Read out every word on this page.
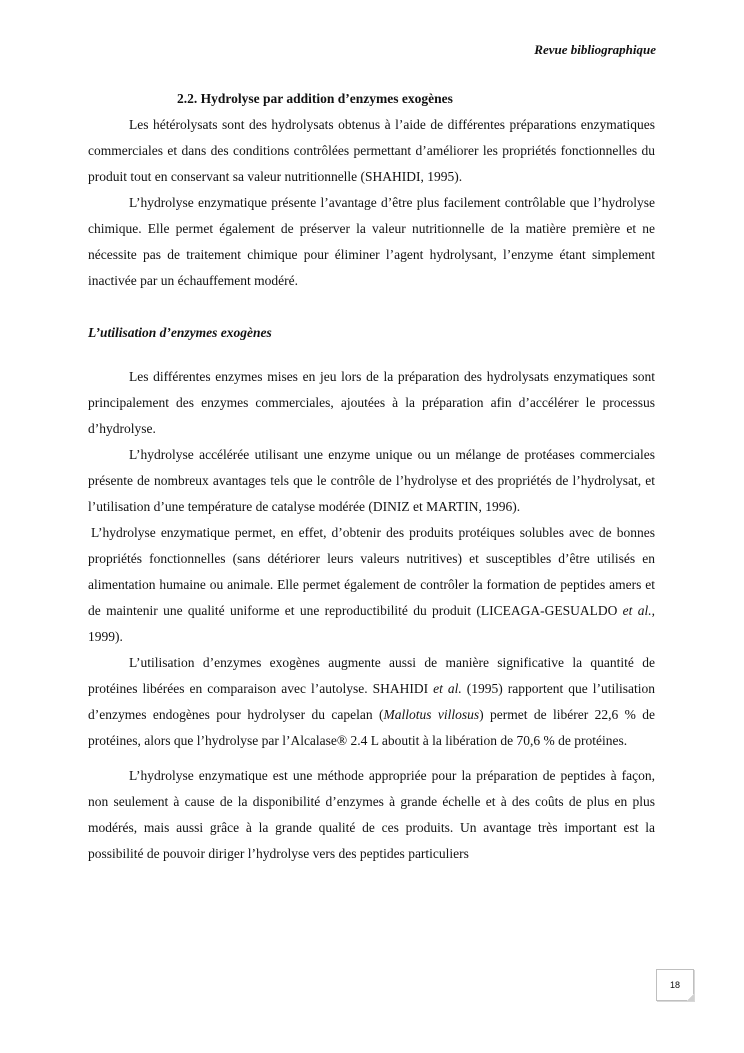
Revue bibliographique
2.2. Hydrolyse par addition d’enzymes exogènes

Les hétérolysats sont des hydrolysats obtenus à l’aide de différentes préparations enzymatiques commerciales et dans des conditions contrôlées permettant d’améliorer les propriétés fonctionnelles du produit tout en conservant sa valeur nutritionnelle (SHAHIDI, 1995).

L’hydrolyse enzymatique présente l’avantage d’être plus facilement contrôlable que l’hydrolyse chimique. Elle permet également de préserver la valeur nutritionnelle de la matière première et ne nécessite pas de traitement chimique pour éliminer l’agent hydrolysant, l’enzyme étant simplement inactivée par un échauffement modéré.

L’utilisation d’enzymes exogènes

Les différentes enzymes mises en jeu lors de la préparation des hydrolysats enzymatiques sont principalement des enzymes commerciales, ajoutées à la préparation afin d’accélérer le processus d’hydrolyse.

L’hydrolyse accélérée utilisant une enzyme unique ou un mélange de protéases commerciales présente de nombreux avantages tels que le contrôle de l’hydrolyse et des propriétés de l’hydrolysat, et l’utilisation d’une température de catalyse modérée (DINIZ et MARTIN, 1996).

L’hydrolyse enzymatique permet, en effet, d’obtenir des produits protéiques solubles avec de bonnes propriétés fonctionnelles (sans détériorer leurs valeurs nutritives) et susceptibles d’être utilisés en alimentation humaine ou animale. Elle permet également de contrôler la formation de peptides amers et de maintenir une qualité uniforme et une reproductibilité du produit (LICEAGA-GESUALDO et al., 1999).

L’utilisation d’enzymes exogènes augmente aussi de manière significative la quantité de protéines libérées en comparaison avec l’autolyse. SHAHIDI et al. (1995) rapportent que l’utilisation d’enzymes endogènes pour hydrolyser du capelan (Mallotus villosus) permet de libérer 22,6 % de protéines, alors que l’hydrolyse par l’Alcalase® 2.4 L aboutit à la libération de 70,6 % de protéines.

L’hydrolyse enzymatique est une méthode appropriée pour la préparation de peptides à façon, non seulement à cause de la disponibilité d’enzymes à grande échelle et à des coûts de plus en plus modérés, mais aussi grâce à la grande qualité de ces produits. Un avantage très important est la possibilité de pouvoir diriger l’hydrolyse vers des peptides particuliers

18
